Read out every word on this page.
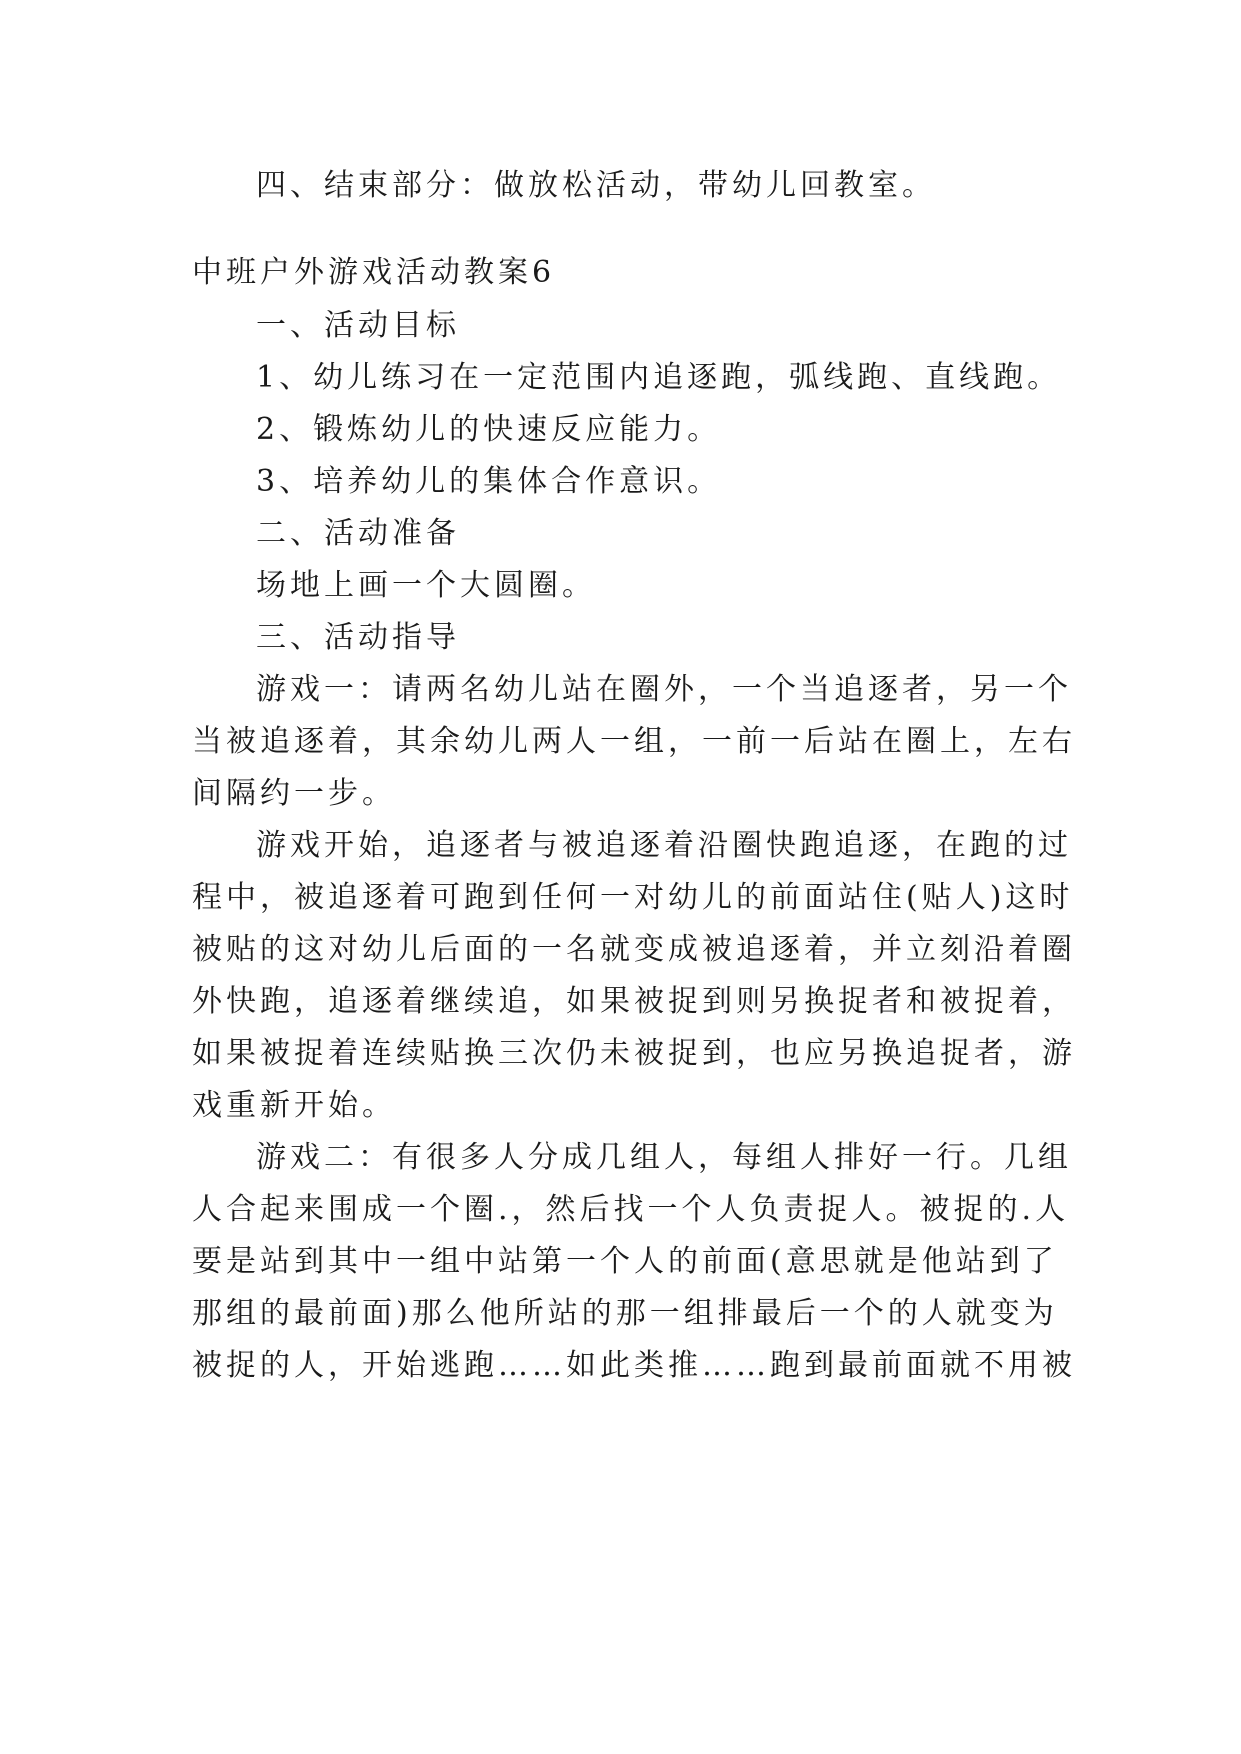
四、结束部分：做放松活动，带幼儿回教室。
中班户外游戏活动教案6
一、活动目标
1、幼儿练习在一定范围内追逐跑，弧线跑、直线跑。
2、锻炼幼儿的快速反应能力。
3、培养幼儿的集体合作意识。
二、活动准备
场地上画一个大圆圈。
三、活动指导
游戏一：请两名幼儿站在圈外，一个当追逐者，另一个
当被追逐着，其余幼儿两人一组，一前一后站在圈上，左右
间隔约一步。
游戏开始，追逐者与被追逐着沿圈快跑追逐，在跑的过
程中，被追逐着可跑到任何一对幼儿的前面站住(贴人)这时
被贴的这对幼儿后面的一名就变成被追逐着，并立刻沿着圈
外快跑，追逐着继续追，如果被捉到则另换捉者和被捉着，
如果被捉着连续贴换三次仍未被捉到，也应另换追捉者，游
戏重新开始。
游戏二：有很多人分成几组人，每组人排好一行。几组
人合起来围成一个圈.，然后找一个人负责捉人。被捉的.人
要是站到其中一组中站第一个人的前面(意思就是他站到了
那组的最前面)那么他所站的那一组排最后一个的人就变为
被捉的人，开始逃跑……如此类推……跑到最前面就不用被
